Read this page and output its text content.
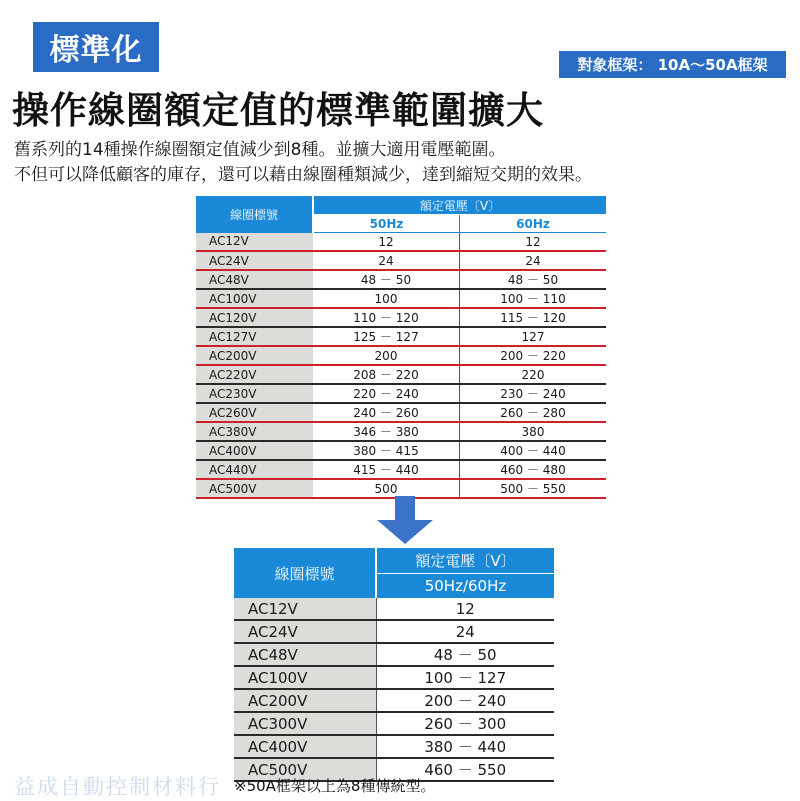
標準化	對象框架： 10A～50A框架
操作線圈額定值的標準範圍擴大
舊系列的14種操作線圈額定值減少到8種。並擴大適用電壓範圍。
不但可以降低顧客的庫存，還可以藉由線圈種類減少，達到縮短交期的效果。
線圈標號	額定電壓〔V〕	
	50Hz	60Hz
AC12V	12	12
AC24V	24	24
AC48V	48 － 50	48 － 50
AC100V	100	100 － 110
AC120V	110 － 120	115 － 120
AC127V	125 － 127	127
AC200V	200	200 － 220
AC220V	208 － 220	220
AC230V	220 － 240	230 － 240
AC260V	240 － 260	260 － 280
AC380V	346 － 380	380
AC400V	380 － 415	400 － 440
AC440V	415 － 440	460 － 480
AC500V	500	500 － 550
線圈標號	額定電壓〔V〕
	50Hz/60Hz
AC12V	12
AC24V	24
AC48V	48 － 50
AC100V	100 － 127
AC200V	200 － 240
AC300V	260 － 300
AC400V	380 － 440
AC500V	460 － 550
益成自動控制材料行 ※50A框架以上為8種傳統型。
